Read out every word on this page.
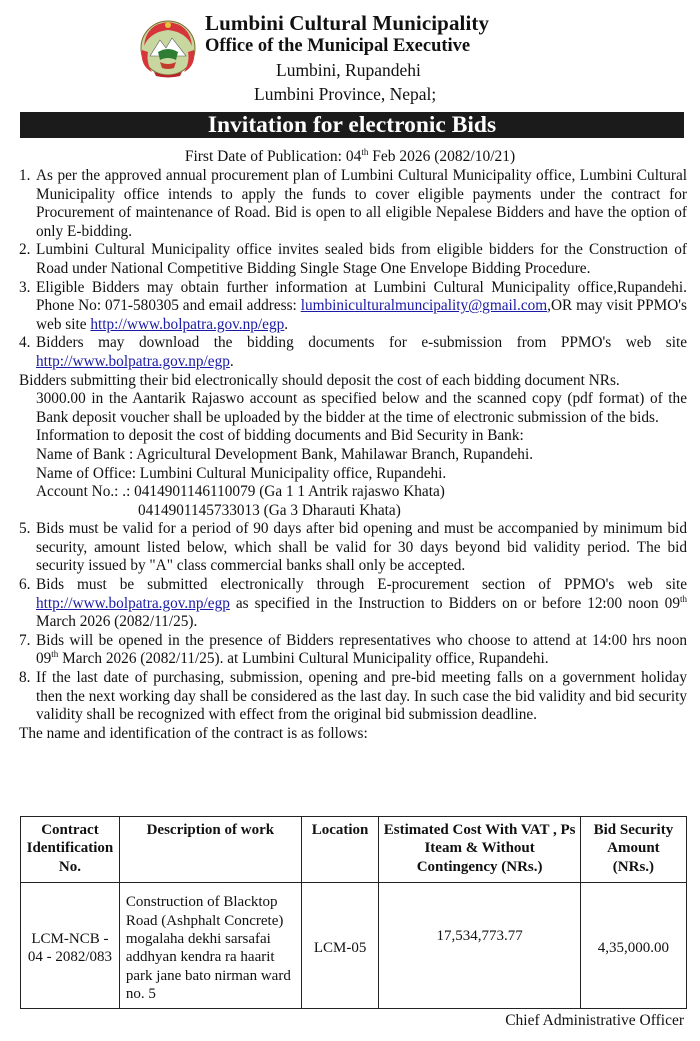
Lumbini Cultural Municipality
Office of the Municipal Executive
Lumbini, Rupandehi
Lumbini Province, Nepal;
Invitation for electronic Bids
First Date of Publication: 04th Feb 2026 (2082/10/21)
1. As per the approved annual procurement plan of Lumbini Cultural Municipality office, Lumbini Cultural Municipality office intends to apply the funds to cover eligible payments under the contract for Procurement of maintenance of Road. Bid is open to all eligible Nepalese Bidders and have the option of only E-bidding.
2. Lumbini Cultural Municipality office invites sealed bids from eligible bidders for the Construction of Road under National Competitive Bidding Single Stage One Envelope Bidding Procedure.
3. Eligible Bidders may obtain further information at Lumbini Cultural Municipality office,Rupandehi. Phone No: 071-580305 and email address: lumbiniculturalmuncipality@gmail.com,OR may visit PPMO's web site http://www.bolpatra.gov.np/egp.
4. Bidders may download the bidding documents for e-submission from PPMO's web site http://www.bolpatra.gov.np/egp.

Bidders submitting their bid electronically should deposit the cost of each bidding document NRs.

3000.00 in the Aantarik Rajaswo account as specified below and the scanned copy (pdf format) of the Bank deposit voucher shall be uploaded by the bidder at the time of electronic submission of the bids.

Information to deposit the cost of bidding documents and Bid Security in Bank:
Name of Bank : Agricultural Development Bank, Mahilawar Branch, Rupandehi.
Name of Office: Lumbini Cultural Municipality office, Rupandehi.
Account No.: .: 0414901146110079 (Ga 1 1 Antrik rajaswo Khata)
0414901145733013 (Ga 3 Dharauti Khata)
5. Bids must be valid for a period of 90 days after bid opening and must be accompanied by minimum bid security, amount listed below, which shall be valid for 30 days beyond bid validity period. The bid security issued by "A" class commercial banks shall only be accepted.
6. Bids must be submitted electronically through E-procurement section of PPMO's web site http://www.bolpatra.gov.np/egp as specified in the Instruction to Bidders on or before 12:00 noon 09th March 2026 (2082/11/25).
7. Bids will be opened in the presence of Bidders representatives who choose to attend at 14:00 hrs noon 09th March 2026 (2082/11/25). at Lumbini Cultural Municipality office, Rupandehi.
8. If the last date of purchasing, submission, opening and pre-bid meeting falls on a government holiday then the next working day shall be considered as the last day. In such case the bid validity and bid security validity shall be recognized with effect from the original bid submission deadline.

The name and identification of the contract is as follows:

Contract Identification No.	Description of work	Location	Estimated Cost With VAT , Ps Iteam & Without Contingency (NRs.)	Bid Security Amount (NRs.)
LCM-NCB - 04 - 2082/083	Construction of Blacktop Road (Ashphalt Concrete) mogalaha dekhi sarsafai addhyan kendra ra haarit park jane bato nirman ward no. 5	LCM-05	17,534,773.77	4,35,000.00
Chief Administrative Officer
